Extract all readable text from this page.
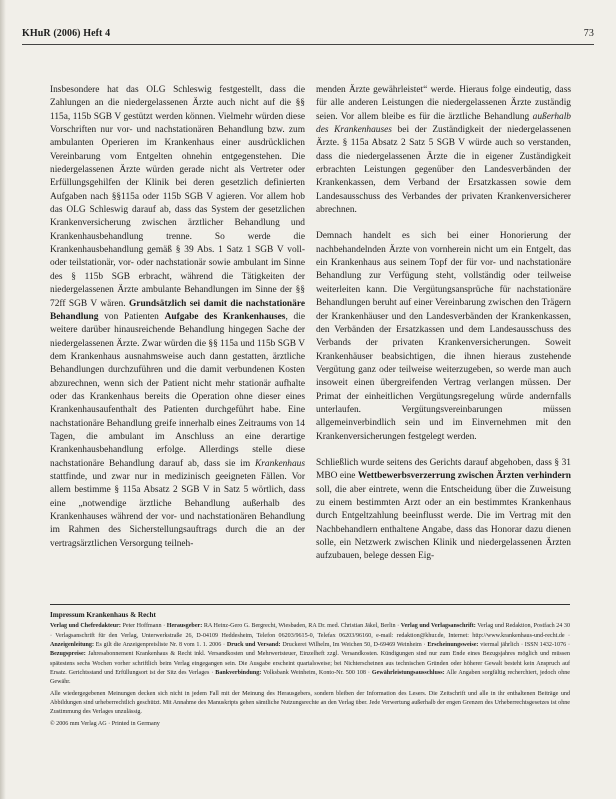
KHuR (2006) Heft 4	73

Insbesondere hat das OLG Schleswig festgestellt, dass die Zahlungen an die niedergelassenen Ärzte auch nicht auf die §§ 115a, 115b SGB V gestützt werden können. Vielmehr würden diese Vorschriften nur vor- und nachstationären Behandlung bzw. zum ambulanten Operieren im Krankenhaus einer ausdrücklichen Vereinbarung vom Entgelten ohnehin entgegenstehen. Die niedergelassenen Ärzte würden gerade nicht als Vertreter oder Erfüllungsgehilfen der Klinik bei deren gesetzlich definierten Aufgaben nach §§115a oder 115b SGB V agieren. Vor allem hob das OLG Schleswig darauf ab, dass das System der gesetzlichen Krankenversicherung zwischen ärztlicher Behandlung und Krankenhausbehandlung trenne. So werde die Krankenhausbehandlung gemäß § 39 Abs. 1 Satz 1 SGB V voll- oder teilstationär, vor- oder nachstationär sowie ambulant im Sinne des § 115b SGB erbracht, während die Tätigkeiten der niedergelassenen Ärzte ambulante Behandlungen im Sinne der §§ 72ff SGB V wären. Grundsätzlich sei damit die nachstationäre Behandlung von Patienten Aufgabe des Krankenhauses, die weitere darüber hinausreichende Behandlung hingegen Sache der niedergelassenen Ärzte. Zwar würden die §§ 115a und 115b SGB V dem Krankenhaus ausnahmsweise auch dann gestatten, ärztliche Behandlungen durchzuführen und die damit verbundenen Kosten abzurechnen, wenn sich der Patient nicht mehr stationär aufhalte oder das Krankenhaus bereits die Operation ohne dieser eines Krankenhausaufenthalt des Patienten durchgeführt habe. Eine nachstationäre Behandlung greife innerhalb eines Zeitraums von 14 Tagen, die ambulant im Anschluss an eine derartige Krankenhausbehandlung erfolge. Allerdings stelle diese nachstationäre Behandlung darauf ab, dass sie im Krankenhaus stattfinde, und zwar nur in medizinisch geeigneten Fällen. Vor allem bestimme § 115a Absatz 2 SGB V in Satz 5 wörtlich, dass eine „notwendige ärztliche Behandlung außerhalb des Krankenhauses während der vor- und nachstationären Behandlung im Rahmen des Sicherstellungsauftrags durch die an der vertragsärztlichen Versorgung teilneh-

menden Ärzte gewährleistet“ werde. Hieraus folge eindeutig, dass für alle anderen Leistungen die niedergelassenen Ärzte zuständig seien. Vor allem bleibe es für die ärztliche Behandlung außerhalb des Krankenhauses bei der Zuständigkeit der niedergelassenen Ärzte. § 115a Absatz 2 Satz 5 SGB V würde auch so verstanden, dass die niedergelassenen Ärzte die in eigener Zuständigkeit erbrachten Leistungen gegenüber den Landesverbänden der Krankenkassen, dem Verband der Ersatzkassen sowie dem Landesausschuss des Verbandes der privaten Krankenversicherer abrechnen.

Demnach handelt es sich bei einer Honorierung der nachbehandelnden Ärzte von vornherein nicht um ein Entgelt, das ein Krankenhaus aus seinem Topf der für vor- und nachstationäre Behandlung zur Verfügung steht, vollständig oder teilweise weiterleiten kann. Die Vergütungsansprüche für nachstationäre Behandlungen beruht auf einer Vereinbarung zwischen den Trägern der Krankenhäuser und den Landesverbänden der Krankenkassen, den Verbänden der Ersatzkassen und dem Landesausschuss des Verbands der privaten Krankenversicherungen. Soweit Krankenhäuser beabsichtigen, die ihnen hieraus zustehende Vergütung ganz oder teilweise weiterzugeben, so werde man auch insoweit einen übergreifenden Vertrag verlangen müssen. Der Primat der einheitlichen Vergütungsregelung würde andernfalls unterlaufen. Vergütungsvereinbarungen müssen allgemeinverbindlich sein und im Einvernehmen mit den Krankenversicherungen festgelegt werden.

Schließlich wurde seitens des Gerichts darauf abgehoben, dass § 31 MBO eine Wettbewerbsverzerrung zwischen Ärzten verhindern soll, die aber eintrete, wenn die Entscheidung über die Zuweisung zu einem bestimmten Arzt oder an ein bestimmtes Krankenhaus durch Entgeltzahlung beeinflusst werde. Die im Vertrag mit den Nachbehandlern enthaltene Angabe, dass das Honorar dazu dienen solle, ein Netzwerk zwischen Klinik und niedergelassenen Ärzten aufzubauen, belege dessen Eig-

Impressum Krankenhaus & Recht

Verlag und Chefredakteur: Peter Hoffmann · Herausgeber: RA Heinz-Gero G. Bergrecht, Wiesbaden, RA Dr. med. Christian Jäkel, Berlin · Verlag und Verlagsanschrift: Verlag und Redaktion, Postfach 24 30 · Verlagsanschrift für den Verlag, Unterwerkstraße 26, D-04109 Heddesheim, Telefon 06203/9615-0, Telefax 06203/96160, e-mail: redaktion@khur.de, Internet: http://www.krankenhaus-und-recht.de · Anzeigenleitung: Es gilt die Anzeigenpreisliste Nr. 8 vom 1. 1. 2006 · Druck und Versand: Druckerei Wilhelm, Im Weichen 50, D-69469 Weinheim · Erscheinungsweise: viermal jährlich · ISSN 1432-1076 · Bezugspreise: Jahresabonnement Krankenhaus & Recht inkl. Versandkosten und Mehrwertsteuer, Einzelheft zzgl. Versandkosten. Kündigungen sind nur zum Ende eines Bezugsjahres möglich und müssen spätestens sechs Wochen vorher schriftlich beim Verlag eingegangen sein. Die Ausgabe erscheint quartalsweise; bei Nichterscheinen aus technischen Gründen oder höherer Gewalt besteht kein Anspruch auf Ersatz. Gerichtsstand und Erfüllungsort ist der Sitz des Verlages · Bankverbindung: Volksbank Weinheim, Konto-Nr. 500 108 · Gewährleistungsausschluss: Alle Angaben sorgfältig recherchiert, jedoch ohne Gewähr.

Alle wiedergegebenen Meinungen decken sich nicht in jedem Fall mit der Meinung des Herausgebers, sondern bleiben der Information des Lesers. Die Zeitschrift und alle in ihr enthaltenen Beiträge und Abbildungen sind urheberrechtlich geschützt. Mit Annahme des Manuskripts gehen sämtliche Nutzungsrechte an den Verlag über. Jede Verwertung außerhalb der engen Grenzen des Urheberrechtsgesetzes ist ohne Zustimmung des Verlages unzulässig.

© 2006 mm Verlag AG · Printed in Germany
